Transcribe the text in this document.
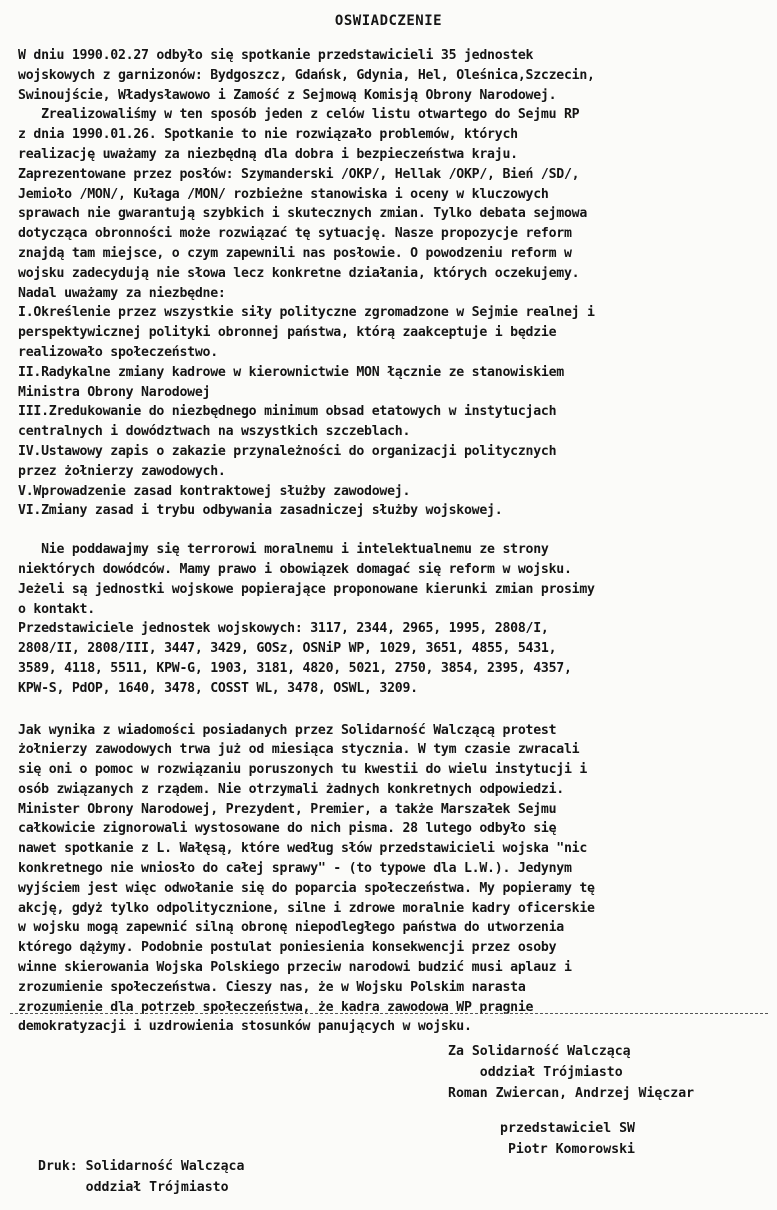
OSWIADCZENIE
W dniu 1990.02.27 odbyło się spotkanie przedstawicieli 35 jednostek
wojskowych z garnizonów: Bydgoszcz, Gdańsk, Gdynia, Hel, Oleśnica,Szczecin,
Swinoujście, Władysławowo i Zamość z Sejmową Komisją Obrony Narodowej.
Zrealizowaliśmy w ten sposób jeden z celów listu otwartego do Sejmu RP
z dnia 1990.01.26. Spotkanie to nie rozwiązało problemów, których
realizację uważamy za niezbędną dla dobra i bezpieczeństwa kraju.
Zaprezentowane przez posłów: Szymanderski /OKP/, Hellak /OKP/, Bień /SD/,
Jemioło /MON/, Kułaga /MON/ rozbieżne stanowiska i oceny w kluczowych
sprawach nie gwarantują szybkich i skutecznych zmian. Tylko debata sejmowa
dotycząca obronności może rozwiązać tę sytuację. Nasze propozycje reform
znajdą tam miejsce, o czym zapewnili nas posłowie. O powodzeniu reform w
wojsku zadecydują nie słowa lecz konkretne działania, których oczekujemy.
Nadal uważamy za niezbędne:
I.Określenie przez wszystkie siły polityczne zgromadzone w Sejmie realnej i
perspektywicznej polityki obronnej państwa, którą zaakceptuje i będzie
realizowało społeczeństwo.
II.Radykalne zmiany kadrowe w kierownictwie MON łącznie ze stanowiskiem
Ministra Obrony Narodowej
III.Zredukowanie do niezbędnego minimum obsad etatowych w instytucjach
centralnych i dowództwach na wszystkich szczeblach.
IV.Ustawowy zapis o zakazie przynależności do organizacji politycznych
przez żołnierzy zawodowych.
V.Wprowadzenie zasad kontraktowej służby zawodowej.
VI.Zmiany zasad i trybu odbywania zasadniczej służby wojskowej.
Nie poddawajmy się terrorowi moralnemu i intelektualnemu ze strony
niektórych dowódców. Mamy prawo i obowiązek domagać się reform w wojsku.
Jeżeli są jednostki wojskowe popierające proponowane kierunki zmian prosimy
o kontakt.
Przedstawiciele jednostek wojskowych: 3117, 2344, 2965, 1995, 2808/I,
2808/II, 2808/III, 3447, 3429, GOSz, OSNiP WP, 1029, 3651, 4855, 5431,
3589, 4118, 5511, KPW-G, 1903, 3181, 4820, 5021, 2750, 3854, 2395, 4357,
KPW-S, PdOP, 1640, 3478, COSST WL, 3478, OSWL, 3209.
Jak wynika z wiadomości posiadanych przez Solidarność Walczącą protest
żołnierzy zawodowych trwa już od miesiąca stycznia. W tym czasie zwracali
się oni o pomoc w rozwiązaniu poruszonych tu kwestii do wielu instytucji i
osób związanych z rządem. Nie otrzymali żadnych konkretnych odpowiedzi.
Minister Obrony Narodowej, Prezydent, Premier, a także Marszałek Sejmu
całkowicie zignorowali wystosowane do nich pisma. 28 lutego odbyło się
nawet spotkanie z L. Wałęsą, które według słów przedstawicieli wojska "nic
konkretnego nie wniosło do całej sprawy" - (to typowe dla L.W.). Jedynym
wyjściem jest więc odwołanie się do poparcia społeczeństwa. My popieramy tę
akcję, gdyż tylko odpolitycznione, silne i zdrowe moralnie kadry oficerskie
w wojsku mogą zapewnić silną obronę niepodległego państwa do utworzenia
którego dążymy. Podobnie postulat poniesienia konsekwencji przez osoby
winne skierowania Wojska Polskiego przeciw narodowi budzić musi aplauz i
zrozumienie społeczeństwa. Cieszy nas, że w Wojsku Polskim narasta
zrozumienie dla potrzeb społeczeństwa, że kadra zawodowa WP pragnie
demokratyzacji i uzdrowienia stosunków panujących w wojsku.
Za Solidarność Walczącą
oddział Trójmiasto
Roman Zwiercan, Andrzej Więczar
przedstawiciel SW
Piotr Komorowski
Druk: Solidarność Walcząca
oddział Trójmiasto
